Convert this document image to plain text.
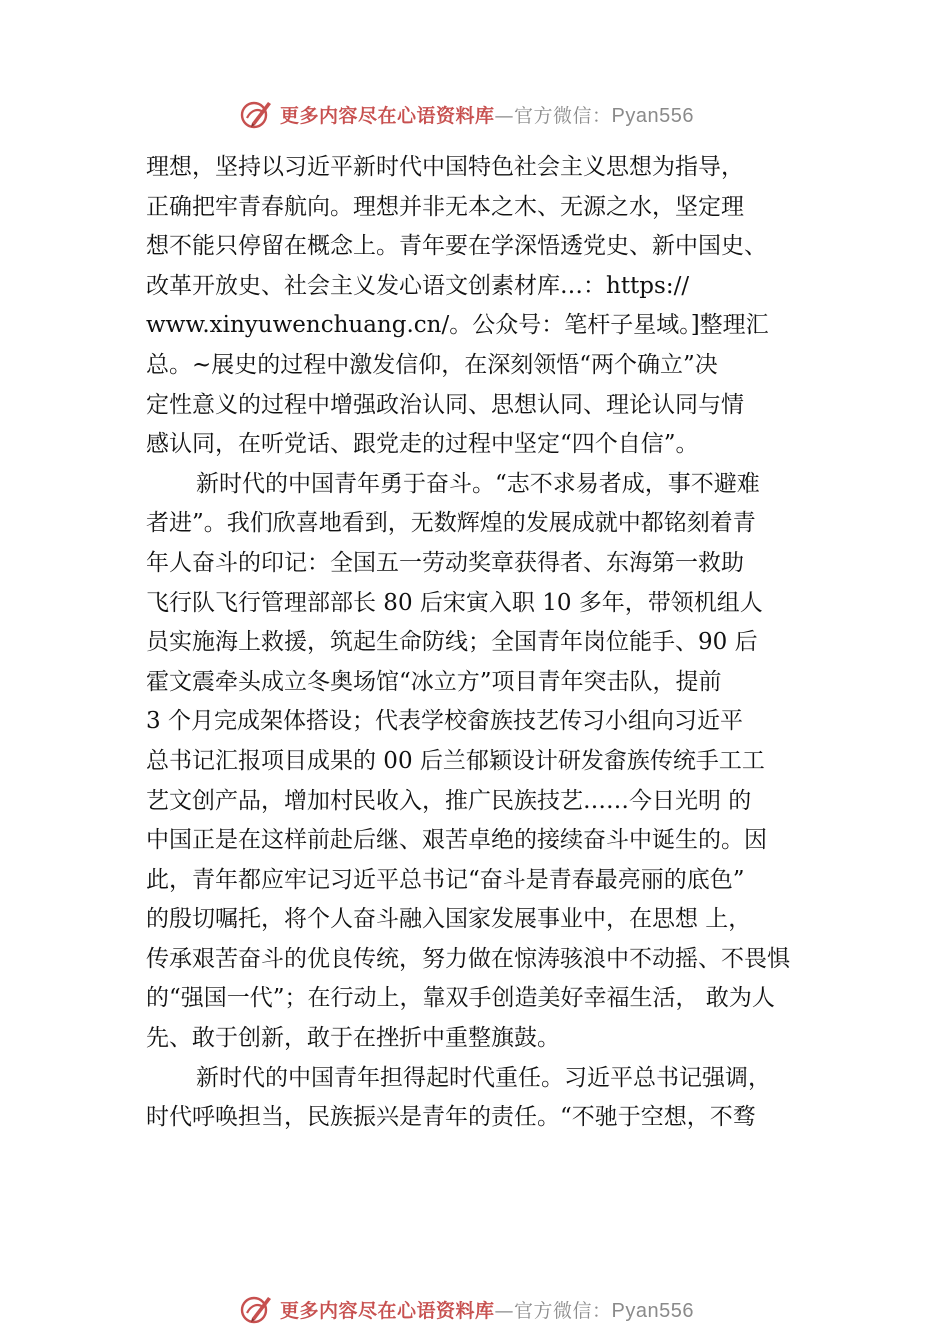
更多内容尽在心语资料库—官方微信：Pyan556
理想，坚持以习近平新时代中国特色社会主义思想为指导，
正确把牢青春航向。理想并非无本之木、无源之水，坚定理
想不能只停留在概念上。青年要在学深悟透党史、新中国史、
改革开放史、社会主义发心语文创素材库…：https://
www.xinyuwenchuang.cn/。公众号：笔杆子星域。]整理汇
总。~展史的过程中激发信仰，在深刻领悟“两个确立”决
定性意义的过程中增强政治认同、思想认同、理论认同与情
感认同，在听党话、跟党走的过程中坚定“四个自信”。
新时代的中国青年勇于奋斗。“志不求易者成，事不避难
者进”。我们欣喜地看到，无数辉煌的发展成就中都铭刻着青
年人奋斗的印记：全国五一劳动奖章获得者、东海第一救助
飞行队飞行管理部部长 80 后宋寅入职 10 多年，带领机组人
员实施海上救援，筑起生命防线；全国青年岗位能手、90 后
霍文震牵头成立冬奥场馆“冰立方”项目青年突击队，提前
3 个月完成架体搭设；代表学校畲族技艺传习小组向习近平
总书记汇报项目成果的 00 后兰郁颖设计研发畲族传统手工工
艺文创产品，增加村民收入，推广民族技艺……今日光明 的
中国正是在这样前赴后继、艰苦卓绝的接续奋斗中诞生的。因
此，青年都应牢记习近平总书记“奋斗是青春最亮丽的底色”
的殷切嘱托，将个人奋斗融入国家发展事业中，在思想 上，
传承艰苦奋斗的优良传统，努力做在惊涛骇浪中不动摇、不畏惧
的“强国一代”；在行动上，靠双手创造美好幸福生活， 敢为人
先、敢于创新，敢于在挫折中重整旗鼓。
新时代的中国青年担得起时代重任。习近平总书记强调，
时代呼唤担当，民族振兴是青年的责任。“不驰于空想，不骛
更多内容尽在心语资料库—官方微信：Pyan556
